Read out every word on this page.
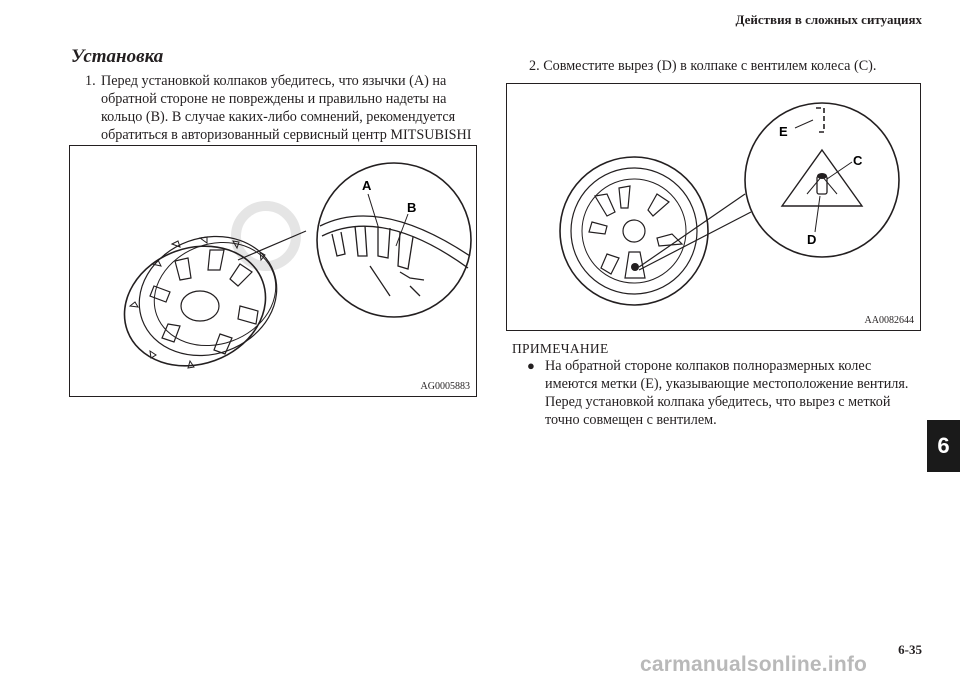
Действия в сложных ситуациях
Установка
1. Перед установкой колпаков убедитесь, что язычки (A) на обратной стороне не повреждены и правильно надеты на кольцо (B). В случае каких-либо сомнений, рекомендуется обратиться в авторизованный сервисный центр MITSUBISHI
2. Совместите вырез (D) в колпаке с вентилем колеса (C).
A
B
AG0005883
E
C
D
AA0082644
ПРИМЕЧАНИЕ
● На обратной стороне колпаков полноразмерных колес имеются метки (E), указывающие местоположение вентиля.

Перед установкой колпака убедитесь, что вырез с меткой точно совмещен с вентилем.

6
6-35
carmanualsonline.info
